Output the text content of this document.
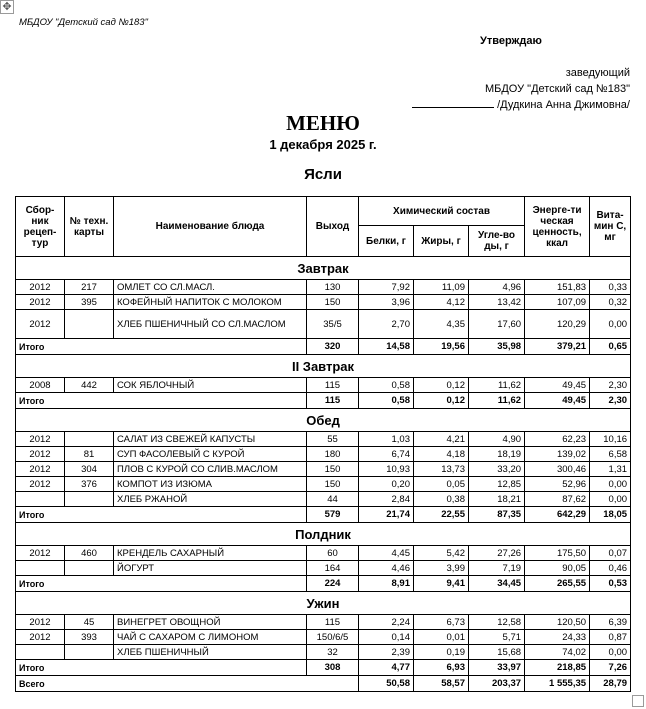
✥
МБДОУ "Детский сад №183"
Утверждаю
заведующий
МБДОУ "Детский сад №183"
/Дудкина Анна Джимовна/
МЕНЮ
1 декабря 2025 г.
Ясли
Сбор-ник рецеп-тур	№ техн. карты	Наименование блюда	Выход	Химический состав			Энерге-ти ческая ценность, ккал	Вита-мин С, мг
				Белки, г	Жиры, г	Угле-во ды, г		
Завтрак								
2012	217	ОМЛЕТ СО СЛ.МАСЛ.	130	7,92	11,09	4,96	151,83	0,33
2012	395	КОФЕЙНЫЙ НАПИТОК С МОЛОКОМ	150	3,96	4,12	13,42	107,09	0,32
2012		ХЛЕБ ПШЕНИЧНЫЙ СО СЛ.МАСЛОМ	35/5	2,70	4,35	17,60	120,29	0,00
Итого			320	14,58	19,56	35,98	379,21	0,65
II Завтрак								
2008	442	СОК ЯБЛОЧНЫЙ	115	0,58	0,12	11,62	49,45	2,30
Итого			115	0,58	0,12	11,62	49,45	2,30
Обед								
2012		САЛАТ ИЗ СВЕЖЕЙ КАПУСТЫ	55	1,03	4,21	4,90	62,23	10,16
2012	81	СУП ФАСОЛЕВЫЙ С КУРОЙ	180	6,74	4,18	18,19	139,02	6,58
2012	304	ПЛОВ С КУРОЙ СО СЛИВ.МАСЛОМ	150	10,93	13,73	33,20	300,46	1,31
2012	376	КОМПОТ ИЗ ИЗЮМА	150	0,20	0,05	12,85	52,96	0,00
		ХЛЕБ РЖАНОЙ	44	2,84	0,38	18,21	87,62	0,00
Итого			579	21,74	22,55	87,35	642,29	18,05
Полдник								
2012	460	КРЕНДЕЛЬ САХАРНЫЙ	60	4,45	5,42	27,26	175,50	0,07
		ЙОГУРТ	164	4,46	3,99	7,19	90,05	0,46
Итого			224	8,91	9,41	34,45	265,55	0,53
Ужин								
2012	45	ВИНЕГРЕТ ОВОЩНОЙ	115	2,24	6,73	12,58	120,50	6,39
2012	393	ЧАЙ С САХАРОМ С ЛИМОНОМ	150/6/5	0,14	0,01	5,71	24,33	0,87
		ХЛЕБ ПШЕНИЧНЫЙ	32	2,39	0,19	15,68	74,02	0,00
Итого			308	4,77	6,93	33,97	218,85	7,26
Всего				50,58	58,57	203,37	1 555,35	28,79
